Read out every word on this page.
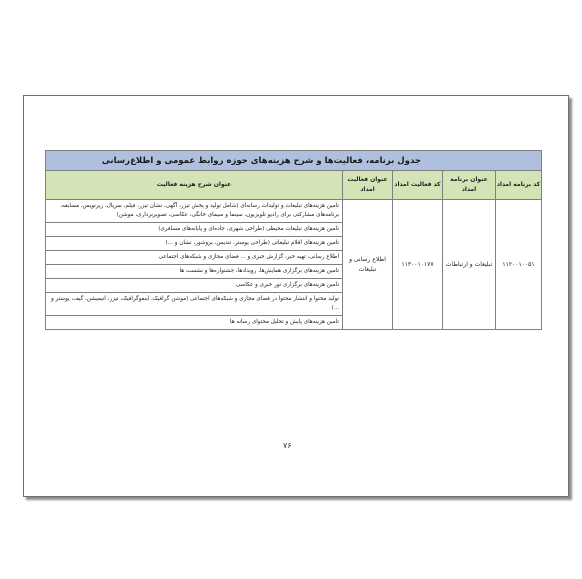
جدول برنامه، فعالیت‌ها و شرح هزینه‌های حوزه روابط عمومی و اطلاع‌رسانی				
کد برنامه امداد	عنوان برنامه امداد	کد فعالیت امداد	عنوان فعالیت امداد	عنوان شرح هزینه فعالیت
۱۱۲۰۰۱۰۰۵۱	تبلیغات و ارتباطات	۱۱۳۰۰۱۰۱۷۷	اطلاع رسانی و تبلیغات	تامین هزینه‌های تبلیغات و تولیدات رسانه‌ای (شامل تولید و پخش تیزر، آگهی، نشان تیزر، فیلم، سریال، زیرنویس، مسابقه، برنامه‌های مشارکتی برای رادیو تلویزیون، سینما و سیمای خانگی، عکاسی، تصویربرداری، موشن)
				تامین هزینه‌های تبلیغات محیطی (طراحی شهری، جاده‌ای و پایانه‌های مسافری)
				تامین هزینه‌های اقلام تبلیغاتی (طراحی پوستر، تندیس، بروشور، نشان و ...)
				اطلاع رسانی، تهیه خبر، گزارش خبری و ... فضای مجازی و شبکه‌های اجتماعی
				تامین هزینه‌های برگزاری همایش‌ها، رویدادها، جشنواره‌ها و نشست ها
				تامین هزینه‌های برگزاری تور خبری و عکاسی
				تولید محتوا و انتشار محتوا در فضای مجازی و شبکه‌های اجتماعی (موشن گرافیک، اینفوگرافیک، تیزر، انیمیشن، گیف، پوستر و ...)
				تامین هزینه‌های پایش و تحلیل محتوای رسانه ها
۷۶
